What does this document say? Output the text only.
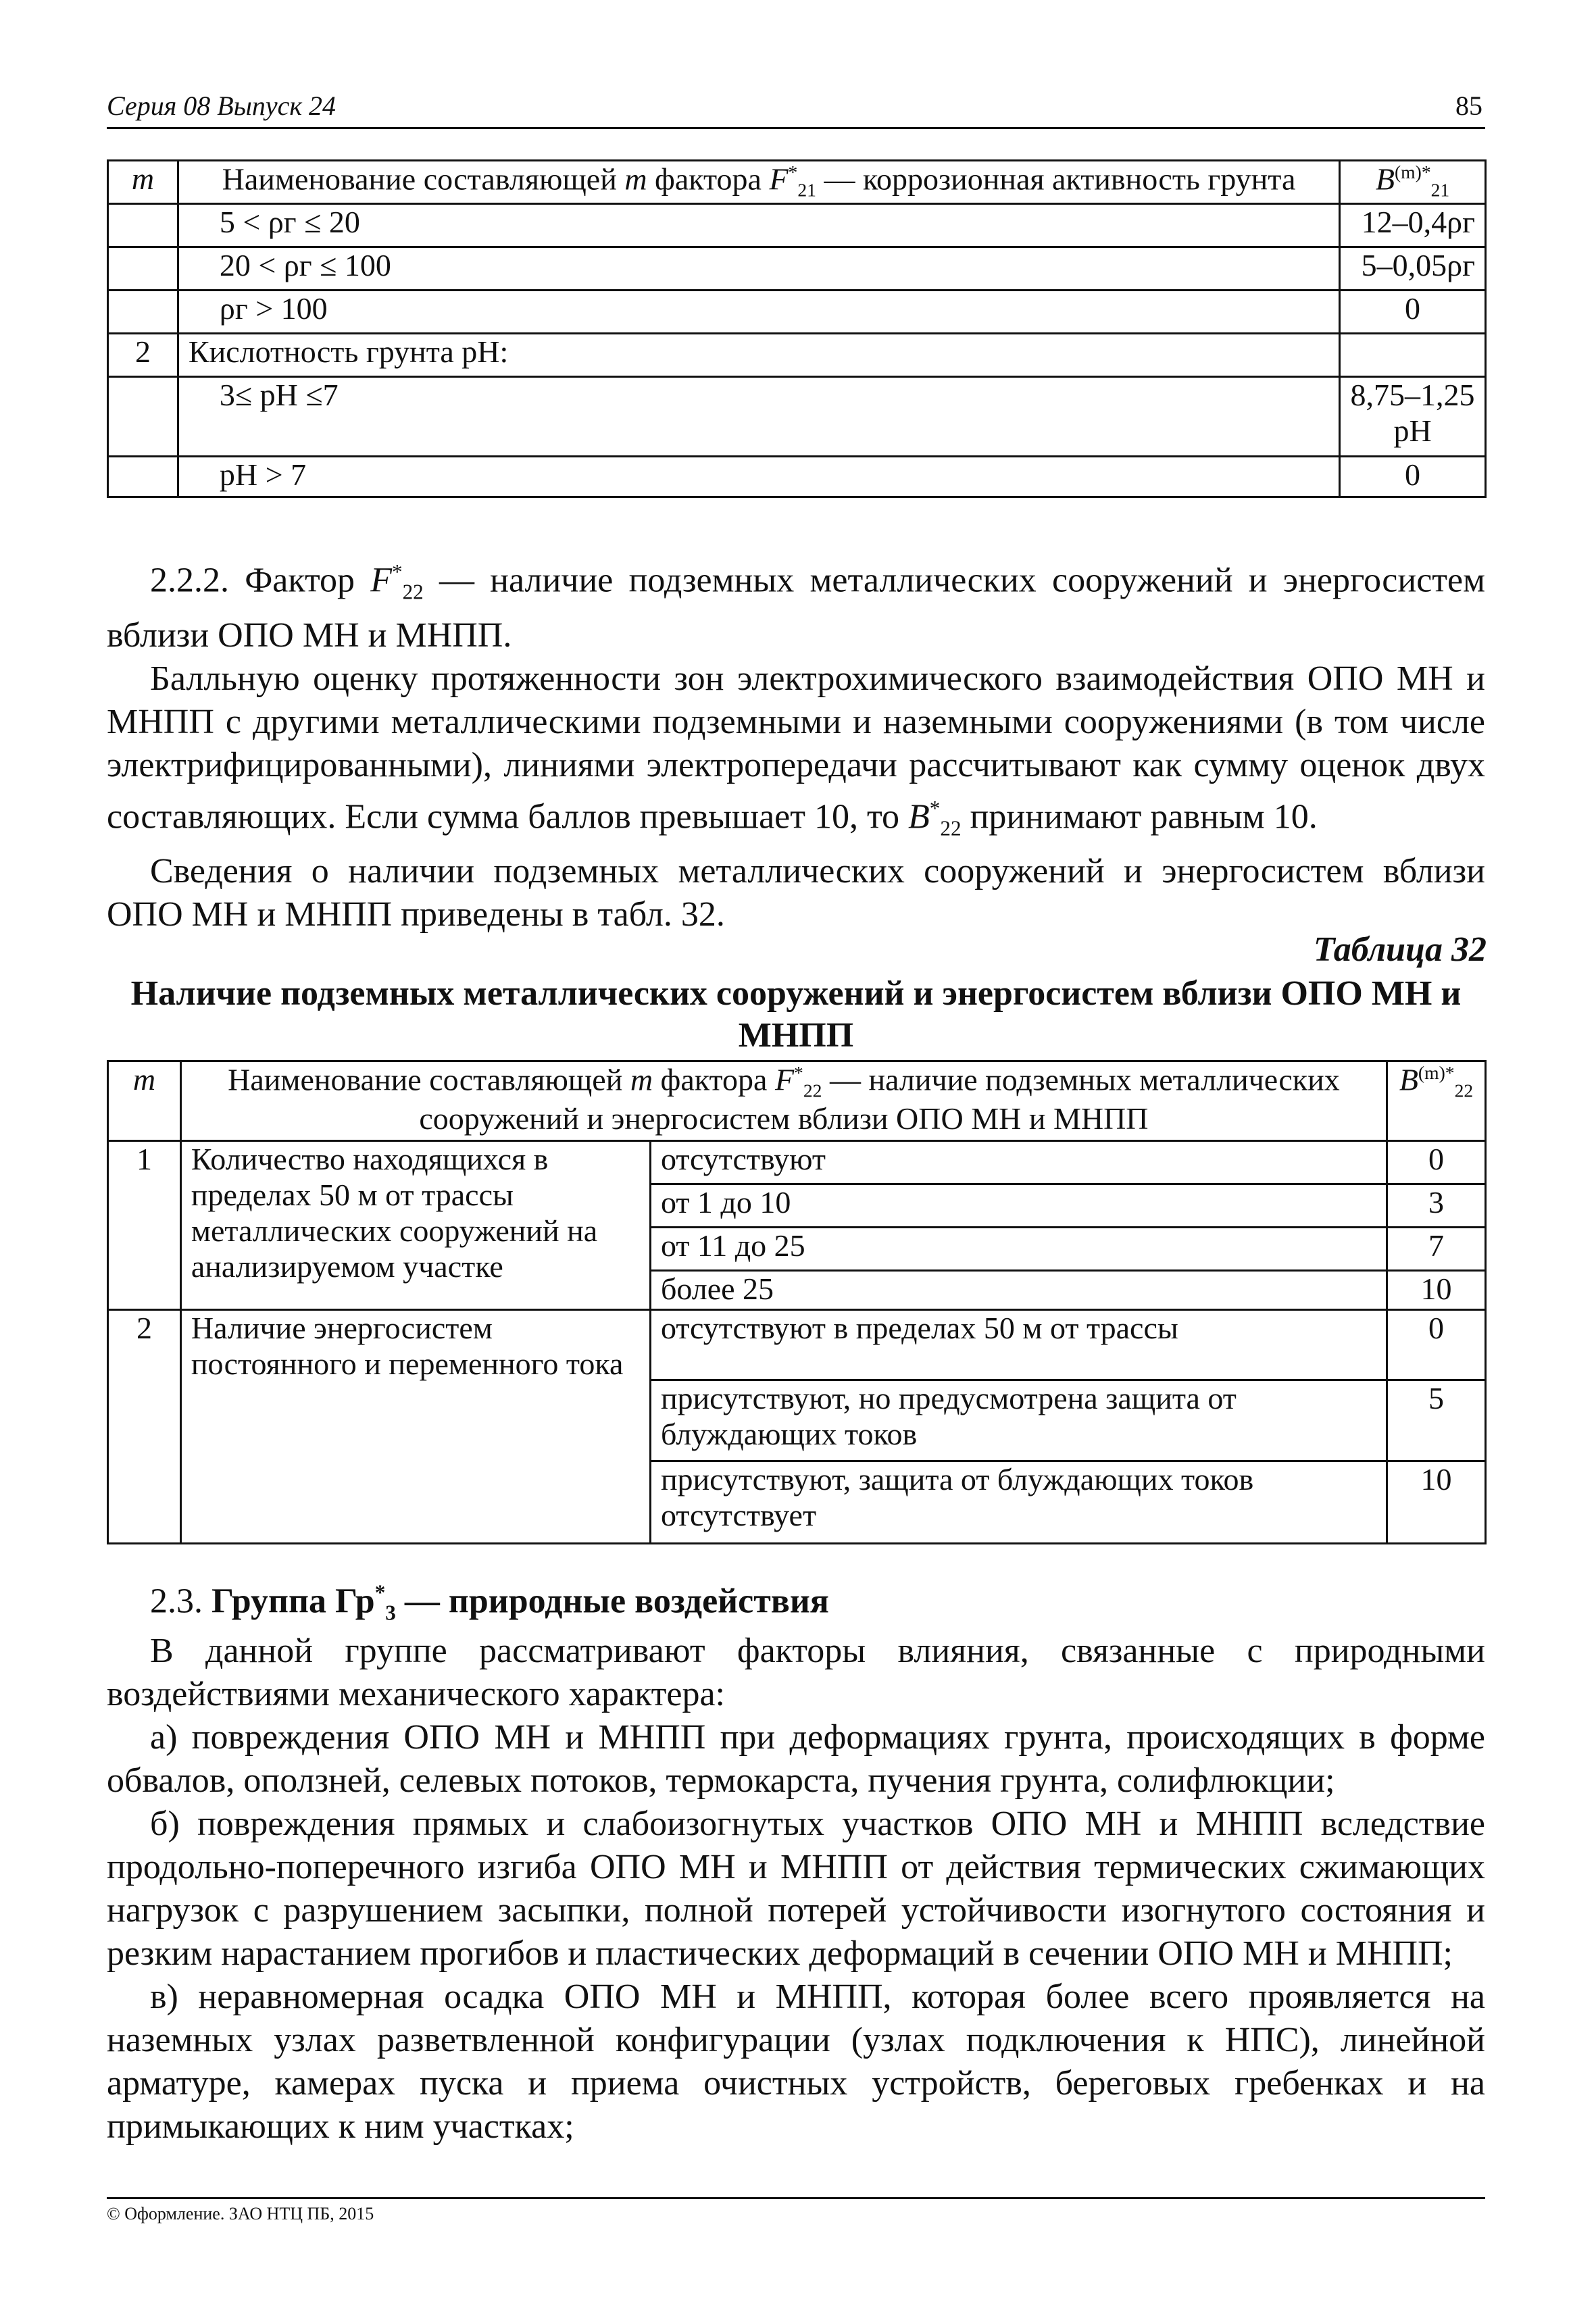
Серия 08 Выпуск 24	85
m	Наименование составляющей m фактора $F^*_{21}$ — коррозионная активность грунта	$B^{(m)*}_{21}$
	5 < ρг ≤ 20	12–0,4ρг
	20 < ρг ≤ 100	5–0,05ρг
	ρг > 100	0
2	Кислотность грунта pH:	
	3≤ pH ≤7	8,75–1,25 pH
	pH > 7	0

2.2.2. Фактор $F^*_{22}$ — наличие подземных металлических сооружений и энергосистем вблизи ОПО МН и МНПП.

Балльную оценку протяженности зон электрохимического взаимодействия ОПО МН и МНПП с другими металлическими подземными и наземными сооружениями (в том числе электрифицированными), линиями электропередачи рассчитывают как сумму оценок двух составляющих. Если сумма баллов превышает 10, то $B^*_{22}$ принимают равным 10.

Сведения о наличии подземных металлических сооружений и энергосистем вблизи ОПО МН и МНПП приведены в табл. 32.

Таблица 32
Наличие подземных металлических сооружений и энергосистем вблизи ОПО МН и МНПП
m	Наименование составляющей m фактора $F^*_{22}$ — наличие подземных металлических сооружений и энергосистем вблизи ОПО МН и МНПП		$B^{(m)*}_{22}$
1	Количество находящихся в пределах 50 м от трассы металлических сооружений на анализируемом участке	отсутствуют	0
		от 1 до 10	3
		от 11 до 25	7
		более 25	10
2	Наличие энергосистем постоянного и переменного тока	отсутствуют в пределах 50 м от трассы	0
		присутствуют, но предусмотрена защита от блуждающих токов	5
		присутствуют, защита от блуждающих токов отсутствует	10
2.3. Группа $Гр^*_3$ — природные воздействия

В данной группе рассматривают факторы влияния, связанные с природными воздействиями механического характера:

а) повреждения ОПО МН и МНПП при деформациях грунта, происходящих в форме обвалов, оползней, селевых потоков, термокарста, пучения грунта, солифлюкции;

б) повреждения прямых и слабоизогнутых участков ОПО МН и МНПП вследствие продольно-поперечного изгиба ОПО МН и МНПП от действия термических сжимающих нагрузок с разрушением засыпки, полной потерей устойчивости изогнутого состояния и резким нарастанием прогибов и пластических деформаций в сечении ОПО МН и МНПП;

в) неравномерная осадка ОПО МН и МНПП, которая более всего проявляется на наземных узлах разветвленной конфигурации (узлах подключения к НПС), линейной арматуре, камерах пуска и приема очистных устройств, береговых гребенках и на примыкающих к ним участках;

© Оформление. ЗАО НТЦ ПБ, 2015
